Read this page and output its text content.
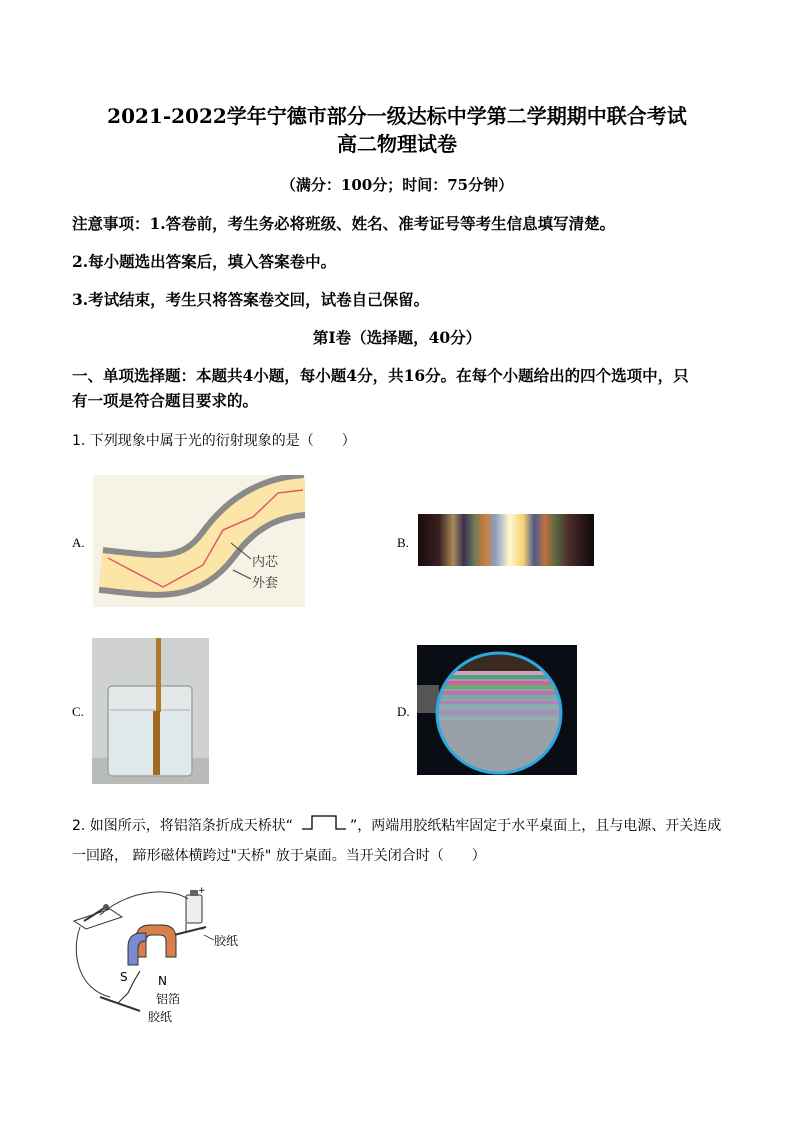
2021-2022学年宁德市部分一级达标中学第二学期期中联合考试
高二物理试卷
（满分：100分；时间：75分钟）
注意事项：1.答卷前，考生务必将班级、姓名、准考证号等考生信息填写清楚。
2.每小题选出答案后，填入答案卷中。
3.考试结束，考生只将答案卷交回，试卷自己保留。
第Ⅰ卷（选择题，40分）
一、单项选择题：本题共4小题，每小题4分，共16分。在每个小题给出的四个选项中，只
有一项是符合题目要求的。
1. 下列现象中属于光的衍射现象的是（　　）
A.
内芯
外套
B.
C.	D.
2. 如图所示，将铝箔条折成天桥状“	”，两端用胶纸粘牢固定于水平桌面上，且与电源、开关连成
一回路， 蹄形磁体横跨过"天桥" 放于桌面。当开关闭合时（　　）
+
−
胶纸
S	N
铝箔
胶纸
